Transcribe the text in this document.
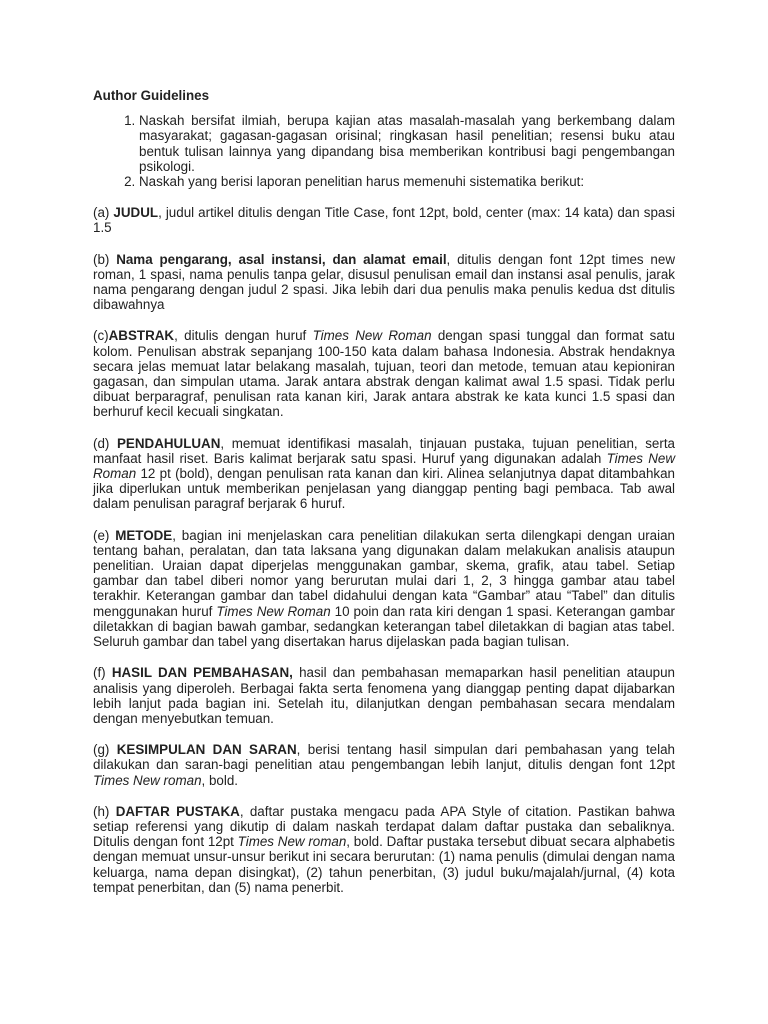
Author Guidelines
1. Naskah bersifat ilmiah, berupa kajian atas masalah-masalah yang berkembang dalam masyarakat; gagasan-gagasan orisinal; ringkasan hasil penelitian; resensi buku atau bentuk tulisan lainnya yang dipandang bisa memberikan kontribusi bagi pengembangan psikologi.
2. Naskah yang berisi laporan penelitian harus memenuhi sistematika berikut:

(a) JUDUL, judul artikel ditulis dengan Title Case, font 12pt, bold, center (max: 14 kata) dan spasi 1.5

(b) Nama pengarang, asal instansi, dan alamat email, ditulis dengan font 12pt times new roman, 1 spasi, nama penulis tanpa gelar, disusul penulisan email dan instansi asal penulis, jarak nama pengarang dengan judul 2 spasi. Jika lebih dari dua penulis maka penulis kedua dst ditulis dibawahnya

(c)ABSTRAK, ditulis dengan huruf Times New Roman dengan spasi tunggal dan format satu kolom. Penulisan abstrak sepanjang 100-150 kata dalam bahasa Indonesia. Abstrak hendaknya secara jelas memuat latar belakang masalah, tujuan, teori dan metode, temuan atau kepioniran gagasan, dan simpulan utama. Jarak antara abstrak dengan kalimat awal 1.5 spasi. Tidak perlu dibuat berparagraf, penulisan rata kanan kiri, Jarak antara abstrak ke kata kunci 1.5 spasi dan berhuruf kecil kecuali singkatan.

(d) PENDAHULUAN, memuat identifikasi masalah, tinjauan pustaka, tujuan penelitian, serta manfaat hasil riset. Baris kalimat berjarak satu spasi. Huruf yang digunakan adalah Times New Roman 12 pt (bold), dengan penulisan rata kanan dan kiri. Alinea selanjutnya dapat ditambahkan jika diperlukan untuk memberikan penjelasan yang dianggap penting bagi pembaca. Tab awal dalam penulisan paragraf berjarak 6 huruf.

(e) METODE, bagian ini menjelaskan cara penelitian dilakukan serta dilengkapi dengan uraian tentang bahan, peralatan, dan tata laksana yang digunakan dalam melakukan analisis ataupun penelitian. Uraian dapat diperjelas menggunakan gambar, skema, grafik, atau tabel. Setiap gambar dan tabel diberi nomor yang berurutan mulai dari 1, 2, 3 hingga gambar atau tabel terakhir. Keterangan gambar dan tabel didahului dengan kata “Gambar” atau “Tabel” dan ditulis menggunakan huruf Times New Roman 10 poin dan rata kiri dengan 1 spasi. Keterangan gambar diletakkan di bagian bawah gambar, sedangkan keterangan tabel diletakkan di bagian atas tabel. Seluruh gambar dan tabel yang disertakan harus dijelaskan pada bagian tulisan.

(f) HASIL DAN PEMBAHASAN, hasil dan pembahasan memaparkan hasil penelitian ataupun analisis yang diperoleh. Berbagai fakta serta fenomena yang dianggap penting dapat dijabarkan lebih lanjut pada bagian ini. Setelah itu, dilanjutkan dengan pembahasan secara mendalam dengan menyebutkan temuan.

(g) KESIMPULAN DAN SARAN, berisi tentang hasil simpulan dari pembahasan yang telah dilakukan dan saran-bagi penelitian atau pengembangan lebih lanjut, ditulis dengan font 12pt Times New roman, bold.

(h) DAFTAR PUSTAKA, daftar pustaka mengacu pada APA Style of citation. Pastikan bahwa setiap referensi yang dikutip di dalam naskah terdapat dalam daftar pustaka dan sebaliknya. Ditulis dengan font 12pt Times New roman, bold. Daftar pustaka tersebut dibuat secara alphabetis dengan memuat unsur-unsur berikut ini secara berurutan: (1) nama penulis (dimulai dengan nama keluarga, nama depan disingkat), (2) tahun penerbitan, (3) judul buku/majalah/jurnal, (4) kota tempat penerbitan, dan (5) nama penerbit.
